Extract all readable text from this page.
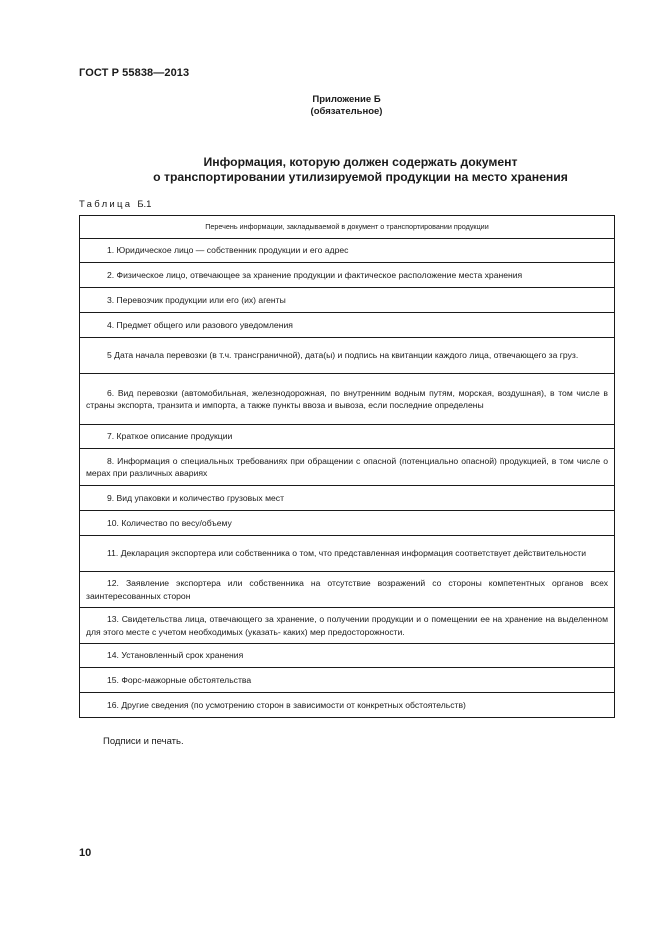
ГОСТ Р 55838—2013
Приложение Б
(обязательное)
Информация, которую должен содержать документ
о транспортировании утилизируемой продукции на место хранения
Таблица Б.1
Перечень информации, закладываемой в документ о транспортировании продукции
1. Юридическое лицо — собственник продукции и его адрес
2. Физическое лицо, отвечающее за хранение продукции и фактическое расположение места хранения
3. Перевозчик продукции или его (их) агенты
4. Предмет общего или разового уведомления
5 Дата начала перевозки (в т.ч. трансграничной), дата(ы) и подпись на квитанции каждого лица, отвечающего за груз.
6. Вид перевозки (автомобильная, железнодорожная, по внутренним водным путям, морская, воздушная), в том числе в страны экспорта, транзита и импорта, а также пункты ввоза и вывоза, если последние определены
7. Краткое описание продукции
8. Информация о специальных требованиях при обращении с опасной (потенциально опасной) продукцией, в том числе о мерах при различных авариях
9. Вид упаковки и количество грузовых мест
10. Количество по весу/объему
11. Декларация экспортера или собственника о том, что представленная информация соответствует действительности
12. Заявление экспортера или собственника на отсутствие возражений со стороны компетентных органов всех заинтересованных сторон
13. Свидетельства лица, отвечающего за хранение, о получении продукции и о помещении ее на хранение на выделенном для этого месте с учетом необходимых (указать- каких) мер предосторожности.
14. Установленный срок хранения
15. Форс-мажорные обстоятельства
16. Другие сведения (по усмотрению сторон в зависимости от конкретных обстоятельств)
Подписи и печать.
10
